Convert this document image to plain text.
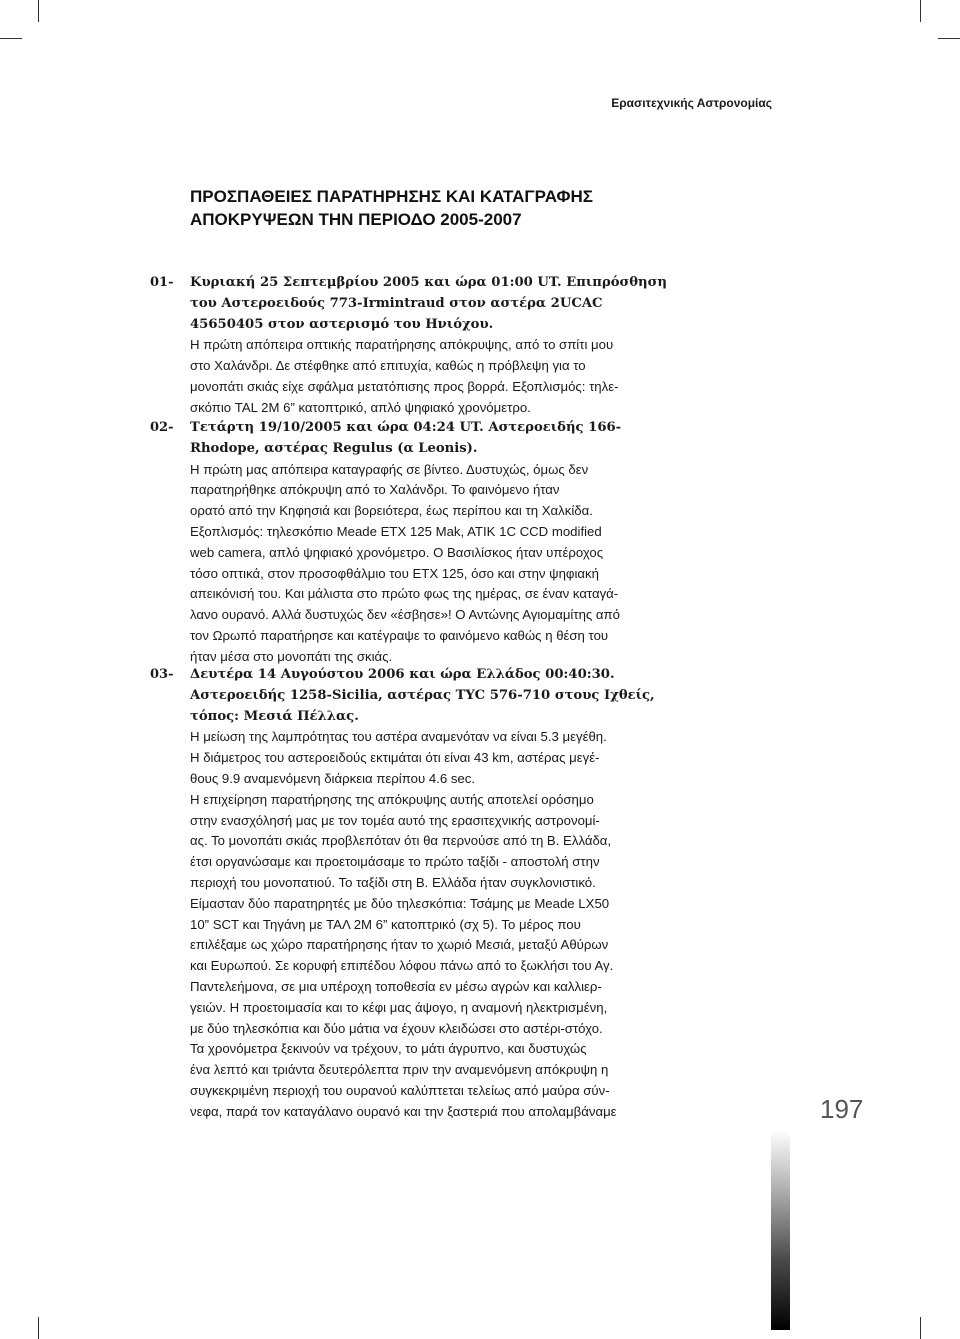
Ερασιτεχνικής Αστρονομίας
ΠΡΟΣΠΑΘΕΙΕΣ ΠΑΡΑΤΗΡΗΣΗΣ ΚΑΙ ΚΑΤΑΓΡΑΦΗΣ
ΑΠΟΚΡΥΨΕΩΝ ΤΗΝ ΠΕΡΙΟΔΟ 2005-2007
01- Κυριακή 25 Σεπτεμβρίου 2005 και ώρα 01:00 UT. Επιπρόσθηση
του Αστεροειδούς 773-Irmintraud στον αστέρα 2UCAC
45650405 στον αστερισμό του Ηνιόχου.
Η πρώτη απόπειρα οπτικής παρατήρησης απόκρυψης, από το σπίτι μου
στο Χαλάνδρι. Δε στέφθηκε από επιτυχία, καθώς η πρόβλεψη για το
μονοπάτι σκιάς είχε σφάλμα μετατόπισης προς βορρά. Εξοπλισμός: τηλε-
σκόπιο TAL 2M 6” κατοπτρικό, απλό ψηφιακό χρονόμετρο.
02- Τετάρτη 19/10/2005 και ώρα 04:24 UT. Αστεροειδής 166-
Rhodope, αστέρας Regulus (α Leonis).
Η πρώτη μας απόπειρα καταγραφής σε βίντεο. Δυστυχώς, όμως δεν
παρατηρήθηκε απόκρυψη από το Χαλάνδρι. Το φαινόμενο ήταν
ορατό από την Κηφησιά και βορειότερα, έως περίπου και τη Χαλκίδα.
Εξοπλισμός: τηλεσκόπιο Meade ETX 125 Mak, ATIK 1C CCD modified
web camera, απλό ψηφιακό χρονόμετρο. Ο Βασιλίσκος ήταν υπέροχος
τόσο οπτικά, στον προσοφθάλμιο του ETX 125, όσο και στην ψηφιακή
απεικόνισή του. Και μάλιστα στο πρώτο φως της ημέρας, σε έναν καταγά-
λανο ουρανό. Αλλά δυστυχώς δεν «έσβησε»! Ο Αντώνης Αγιομαμίτης από
τον Ωρωπό παρατήρησε και κατέγραψε το φαινόμενο καθώς η θέση του
ήταν μέσα στο μονοπάτι της σκιάς.
03- Δευτέρα 14 Αυγούστου 2006 και ώρα Ελλάδος 00:40:30.
Αστεροειδής 1258-Sicilia, αστέρας TYC 576-710 στους Ιχθείς,
τόπος: Μεσιά Πέλλας.
Η μείωση της λαμπρότητας του αστέρα αναμενόταν να είναι 5.3 μεγέθη.
Η διάμετρος του αστεροειδούς εκτιμάται ότι είναι 43 km, αστέρας μεγέ-
θους 9.9 αναμενόμενη διάρκεια περίπου 4.6 sec.
Η επιχείρηση παρατήρησης της απόκρυψης αυτής αποτελεί ορόσημο
στην ενασχόλησή μας με τον τομέα αυτό της ερασιτεχνικής αστρονομί-
ας. Το μονοπάτι σκιάς προβλεπόταν ότι θα περνούσε από τη Β. Ελλάδα,
έτσι οργανώσαμε και προετοιμάσαμε το πρώτο ταξίδι - αποστολή στην
περιοχή του μονοπατιού. Το ταξίδι στη Β. Ελλάδα ήταν συγκλονιστικό.
Είμασταν δύο παρατηρητές με δύο τηλεσκόπια: Τσάμης με Meade LX50
10” SCT και Τηγάνη με ΤΑΛ 2Μ 6” κατοπτρικό (σχ 5). Το μέρος που
επιλέξαμε ως χώρο παρατήρησης ήταν το χωριό Μεσιά, μεταξύ Αθύρων
και Ευρωπού. Σε κορυφή επιπέδου λόφου πάνω από το ξωκλήσι του Αγ.
Παντελεήμονα, σε μια υπέροχη τοποθεσία εν μέσω αγρών και καλλιερ-
γειών. Η προετοιμασία και το κέφι μας άψογο, η αναμονή ηλεκτρισμένη,
με δύο τηλεσκόπια και δύο μάτια να έχουν κλειδώσει στο αστέρι-στόχο.
Τα χρονόμετρα ξεκινούν να τρέχουν, το μάτι άγρυπνο, και δυστυχώς
ένα λεπτό και τριάντα δευτερόλεπτα πριν την αναμενόμενη απόκρυψη η
συγκεκριμένη περιοχή του ουρανού καλύπτεται τελείως από μαύρα σύν-
νεφα, παρά τον καταγάλανο ουρανό και την ξαστεριά που απολαμβάναμε	197
